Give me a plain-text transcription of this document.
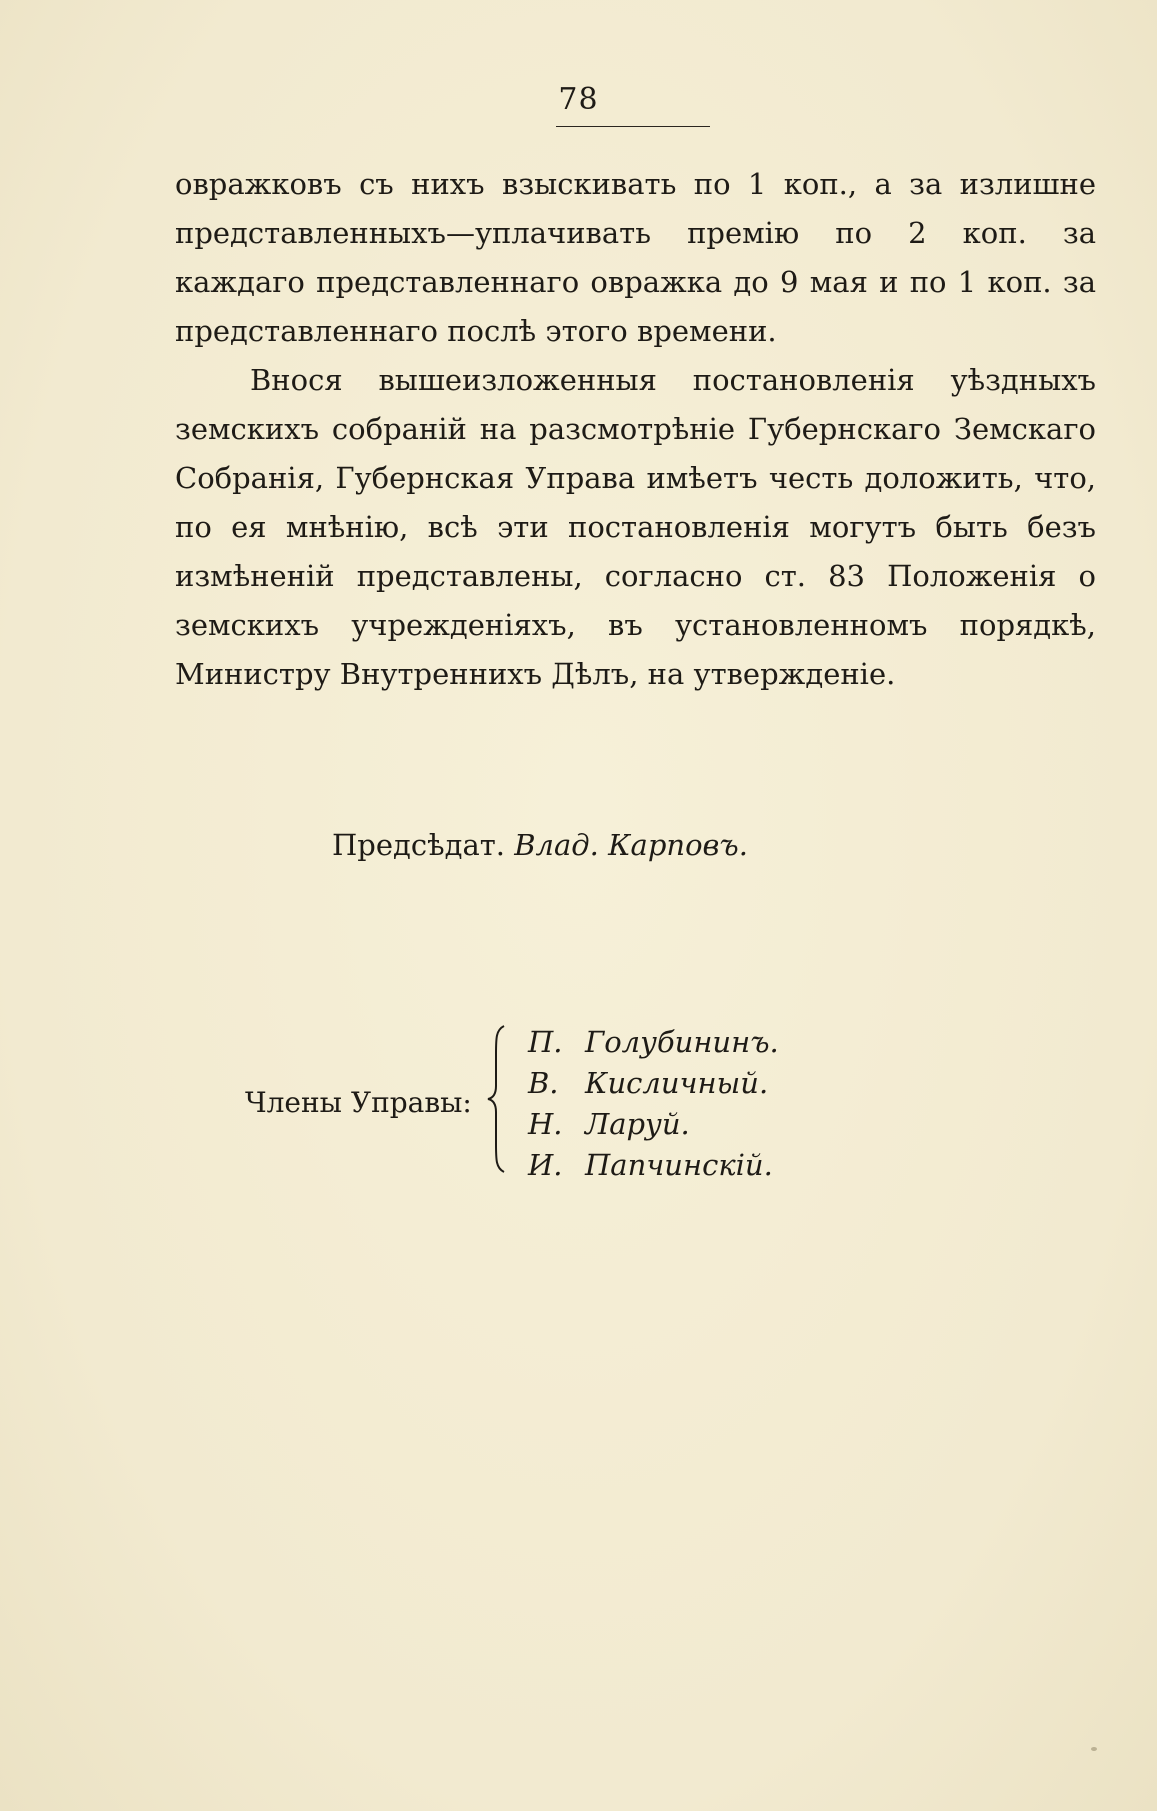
78

овражковъ съ нихъ взыскивать по 1 коп., а за излишне представленныхъ—уплачивать премію по 2 коп. за каждаго представленнаго овражка до 9 мая и по 1 коп. за представленнаго послѣ этого времени.

Внося вышеизложенныя постановленія уѣздныхъ земскихъ собраній на разсмотрѣніе Губернскаго Земскаго Собранія, Губернская Управа имѣетъ честь доложить, что, по ея мнѣнію, всѣ эти постановленія могутъ быть безъ измѣненій представлены, согласно ст. 83 Положенія о земскихъ учрежденіяхъ, въ установленномъ порядкѣ, Министру Внутреннихъ Дѣлъ, на утвержденіе.

Предсѣдат. Влад. Карповъ.
Члены Управы:
П. Голубининъ.
В. Кисличный.
Н. Ларуй.
И. Папчинскій.
